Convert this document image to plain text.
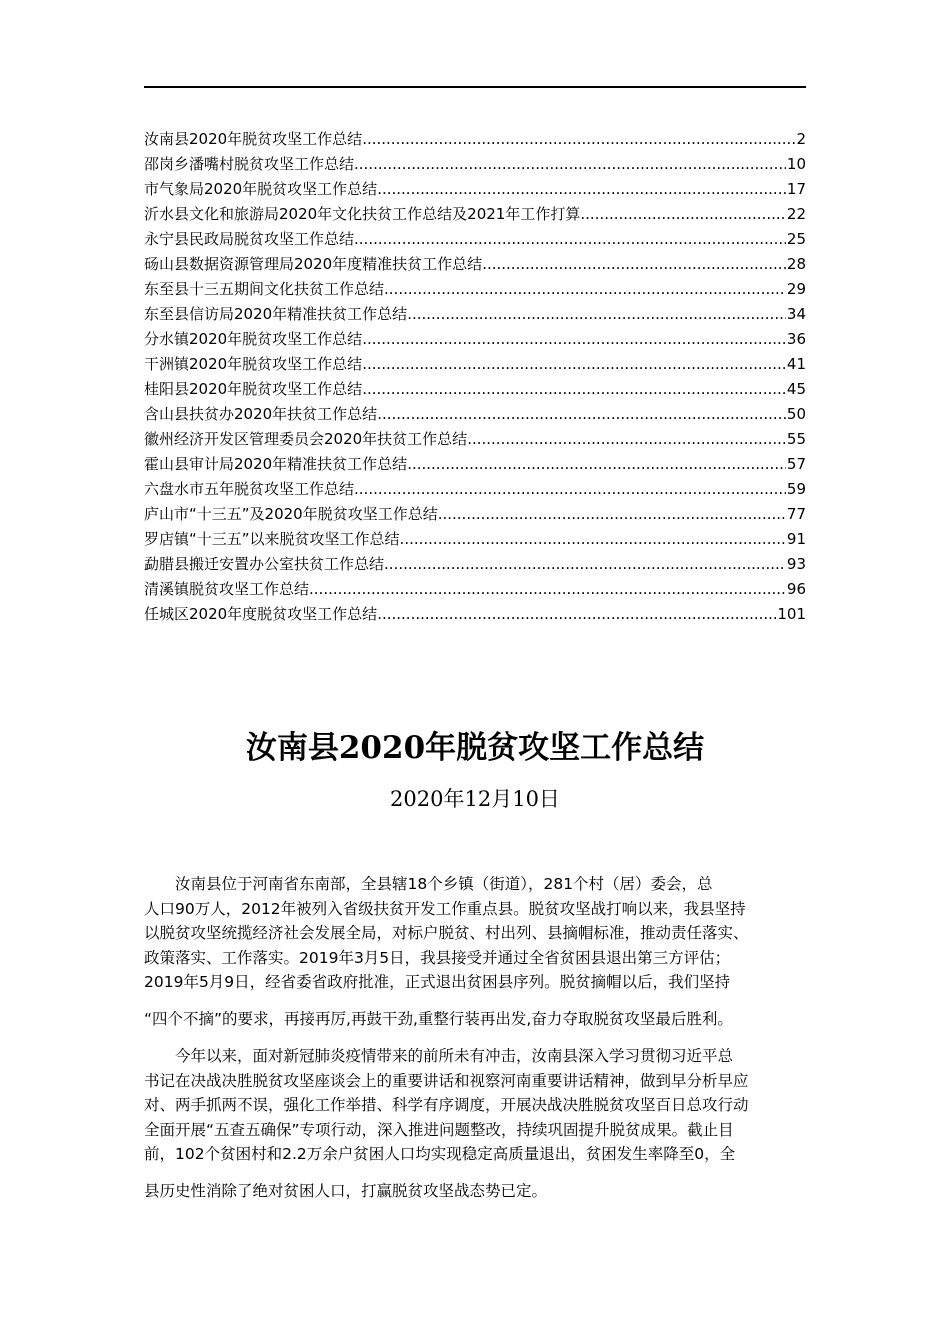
汝南县2020年脱贫攻坚工作总结 .....	2
邵岗乡潘嘴村脱贫攻坚工作总结 .....	10
市气象局2020年脱贫攻坚工作总结 .....	17
沂水县文化和旅游局2020年文化扶贫工作总结及2021年工作打算 .....	22
永宁县民政局脱贫攻坚工作总结 .....	25
砀山县数据资源管理局2020年度精准扶贫工作总结 .....	28
东至县十三五期间文化扶贫工作总结 .....	29
东至县信访局2020年精准扶贫工作总结 .....	34
分水镇2020年脱贫攻坚工作总结 .....	36
干洲镇2020年脱贫攻坚工作总结 .....	41
桂阳县2020年脱贫攻坚工作总结 .....	45
含山县扶贫办2020年扶贫工作总结 .....	50
徽州经济开发区管理委员会2020年扶贫工作总结 .....	55
霍山县审计局2020年精准扶贫工作总结 .....	57
六盘水市五年脱贫攻坚工作总结 .....	59
庐山市“十三五”及2020年脱贫攻坚工作总结 .....	77
罗店镇“十三五”以来脱贫攻坚工作总结 .....	91
勐腊县搬迁安置办公室扶贫工作总结 .....	93
清溪镇脱贫攻坚工作总结 .....	96
任城区2020年度脱贫攻坚工作总结 .....	101
汝南县2020年脱贫攻坚工作总结

2020年12月10日

　　汝南县位于河南省东南部，全县辖18个乡镇（街道），281个村（居）委会，总
人口90万人，2012年被列入省级扶贫开发工作重点县。脱贫攻坚战打响以来，我县坚持
以脱贫攻坚统揽经济社会发展全局，对标户脱贫、村出列、县摘帽标准，推动责任落实、
政策落实、工作落实。2019年3月5日，我县接受并通过全省贫困县退出第三方评估；
2019年5月9日，经省委省政府批准，正式退出贫困县序列。脱贫摘帽以后，我们坚持
“四个不摘”的要求，再接再厉,再鼓干劲,重整行装再出发,奋力夺取脱贫攻坚最后胜利。
　　今年以来，面对新冠肺炎疫情带来的前所未有冲击，汝南县深入学习贯彻习近平总
书记在决战决胜脱贫攻坚座谈会上的重要讲话和视察河南重要讲话精神，做到早分析早应
对、两手抓两不误，强化工作举措、科学有序调度，开展决战决胜脱贫攻坚百日总攻行动
全面开展“五查五确保”专项行动，深入推进问题整改，持续巩固提升脱贫成果。截止目
前，102个贫困村和2.2万余户贫困人口均实现稳定高质量退出，贫困发生率降至0，全
县历史性消除了绝对贫困人口，打赢脱贫攻坚战态势已定。
